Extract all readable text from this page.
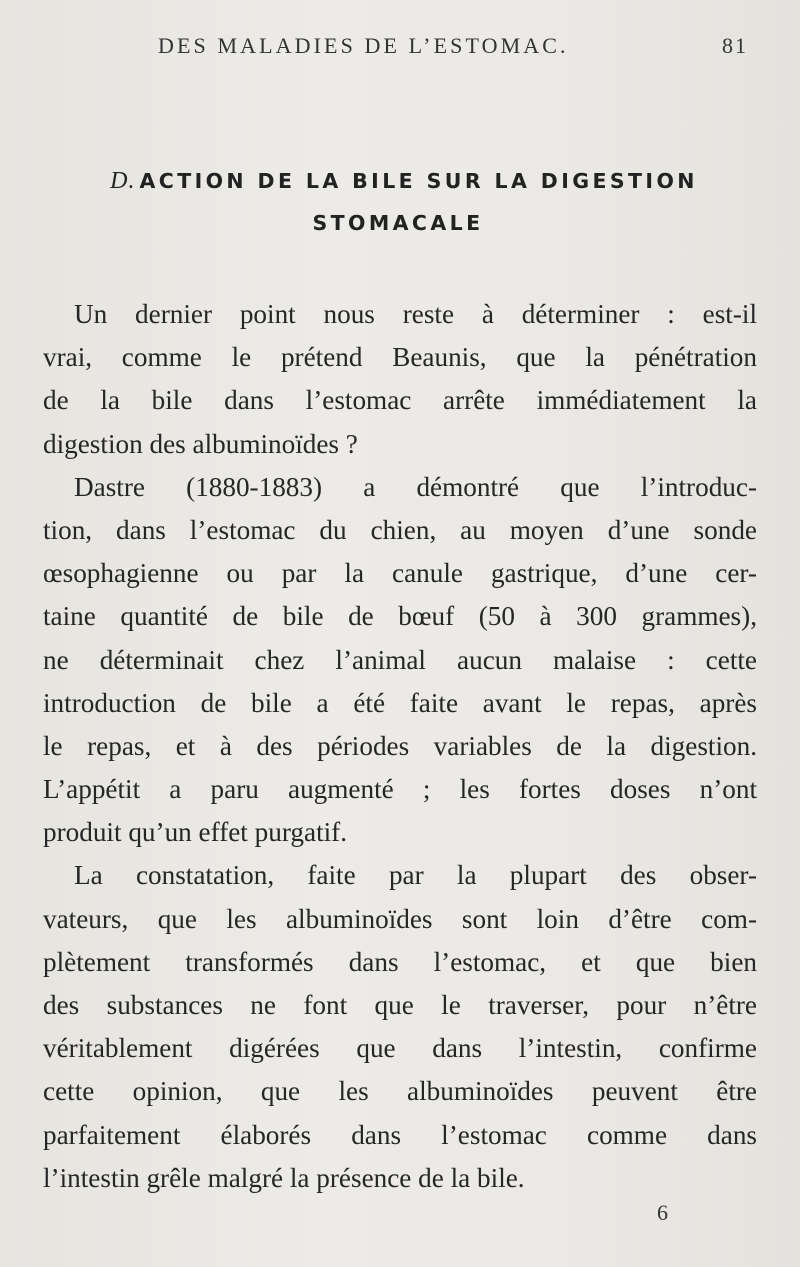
DES MALADIES DE L’ESTOMAC.	81
D. ACTION DE LA BILE SUR LA DIGESTION
STOMACALE
Un dernier point nous reste à déterminer : est-il
vrai, comme le prétend Beaunis, que la pénétration
de la bile dans l’estomac arrête immédiatement la
digestion des albuminoïdes ?
Dastre (1880-1883) a démontré que l’introduc-
tion, dans l’estomac du chien, au moyen d’une sonde
œsophagienne ou par la canule gastrique, d’une cer-
taine quantité de bile de bœuf (50 à 300 grammes),
ne déterminait chez l’animal aucun malaise : cette
introduction de bile a été faite avant le repas, après
le repas, et à des périodes variables de la digestion.
L’appétit a paru augmenté ; les fortes doses n’ont
produit qu’un effet purgatif.
La constatation, faite par la plupart des obser-
vateurs, que les albuminoïdes sont loin d’être com-
plètement transformés dans l’estomac, et que bien
des substances ne font que le traverser, pour n’être
véritablement digérées que dans l’intestin, confirme
cette opinion, que les albuminoïdes peuvent être
parfaitement élaborés dans l’estomac comme dans
l’intestin grêle malgré la présence de la bile.
6
